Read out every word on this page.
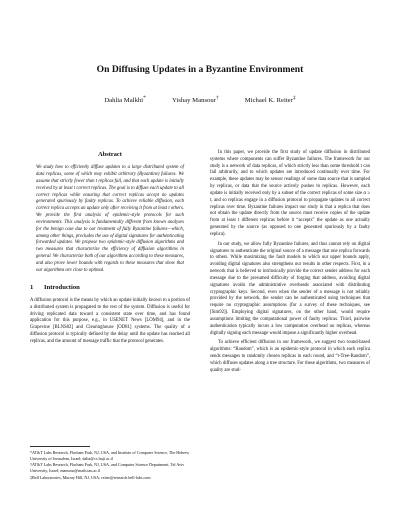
On Diffusing Updates in a Byzantine Environment
Dahlia Malkhi*	Yishay Mansour†	Michael K. Reiter‡
Abstract

We study how to efficiently diffuse updates to a large distributed system of data replicas, some of which may exhibit arbitrary (Byzantine) failures. We assume that strictly fewer than t replicas fail, and that each update is initially received by at least t correct replicas. The goal is to diffuse each update to all correct replicas while ensuring that correct replicas accept no updates generated spuriously by faulty replicas. To achieve reliable diffusion, each correct replica accepts an update only after receiving it from at least t others. We provide the first analysis of epidemic-style protocols for such environments. This analysis is fundamentally different from known analyses for the benign case due to our treatment of fully Byzantine failures—which, among other things, precludes the use of digital signatures for authenticating forwarded updates. We propose two epidemic-style diffusion algorithms and two measures that characterize the efficiency of diffusion algorithms in general. We characterize both of our algorithms according to these measures, and also prove lower bounds with regards to these measures that show that our algorithms are close to optimal.

1 Introduction

A diffusion protocol is the means by which an update initially known to a portion of a distributed system is propagated to the rest of the system. Diffusion is useful for driving replicated data toward a consistent state over time, and has found application for this purpose, e.g., in USENET News [LOM94], and in the Grapevine [BLNS82] and Clearinghouse [OD81] systems. The quality of a diffusion protocol is typically defined by the delay until the update has reached all replicas, and the amount of message traffic that the protocol generates.

*AT&T Labs Research, Florham Park, NJ, USA, and Institute of Computer Science, The Hebrew University of Jerusalem, Israel; dalia@cs.huji.ac.il

†AT&T Labs Research, Florham Park, NJ, USA, and Computer Science Department, Tel Aviv University, Israel; mansour@math.tau.ac.il

‡Bell Laboratories, Murray Hill, NJ, USA; reiter@research.bell-labs.com

In this paper, we provide the first study of update diffusion in distributed systems where components can suffer Byzantine failures. The framework for our study is a network of data replicas, of which strictly less than some threshold t can fail arbitrarily, and to which updates are introduced continually over time. For example, these updates may be sensor readings of some data source that is sampled by replicas, or data that the source actively pushes to replicas. However, each update is initially received only by a subset of the correct replicas of some size α ≥ t, and so replicas engage in a diffusion protocol to propagate updates to all correct replicas over time. Byzantine failures impact our study in that a replica that does not obtain the update directly from the source must receive copies of the update from at least t different replicas before it “accepts” the update as one actually generated by the source (as opposed to one generated spuriously by a faulty replica).

In our study, we allow fully Byzantine failures, and thus cannot rely on digital signatures to authenticate the original source of a message that one replica forwards to others. While maximizing the fault models to which our upper bounds apply, avoiding digital signatures also strengthens our results in other respects. First, in a network that is believed to intrinsically provide the correct sender address for each message due to the presumed difficulty of forging that address, avoiding digital signatures avoids the administrative overheads associated with distributing cryptographic keys. Second, even when the sender of a message is not reliably provided by the network, the sender can be authenticated using techniques that require no cryptographic assumptions (for a survey of these techniques, see [Sim92]). Employing digital signatures, on the other hand, would require assumptions limiting the computational power of faulty replicas. Third, pairwise authentication typically incurs a low computation overhead on replicas, whereas digitally signing each message would impose a significantly higher overhead.

To achieve efficient diffusion in our framework, we suggest two round-based algorithms: “Random”, which is an epidemic-style protocol in which each replica sends messages to randomly chosen replicas in each round, and “t-Tree-Random”, which diffuses updates along a tree structure. For these algorithms, two measures of quality are stud-
